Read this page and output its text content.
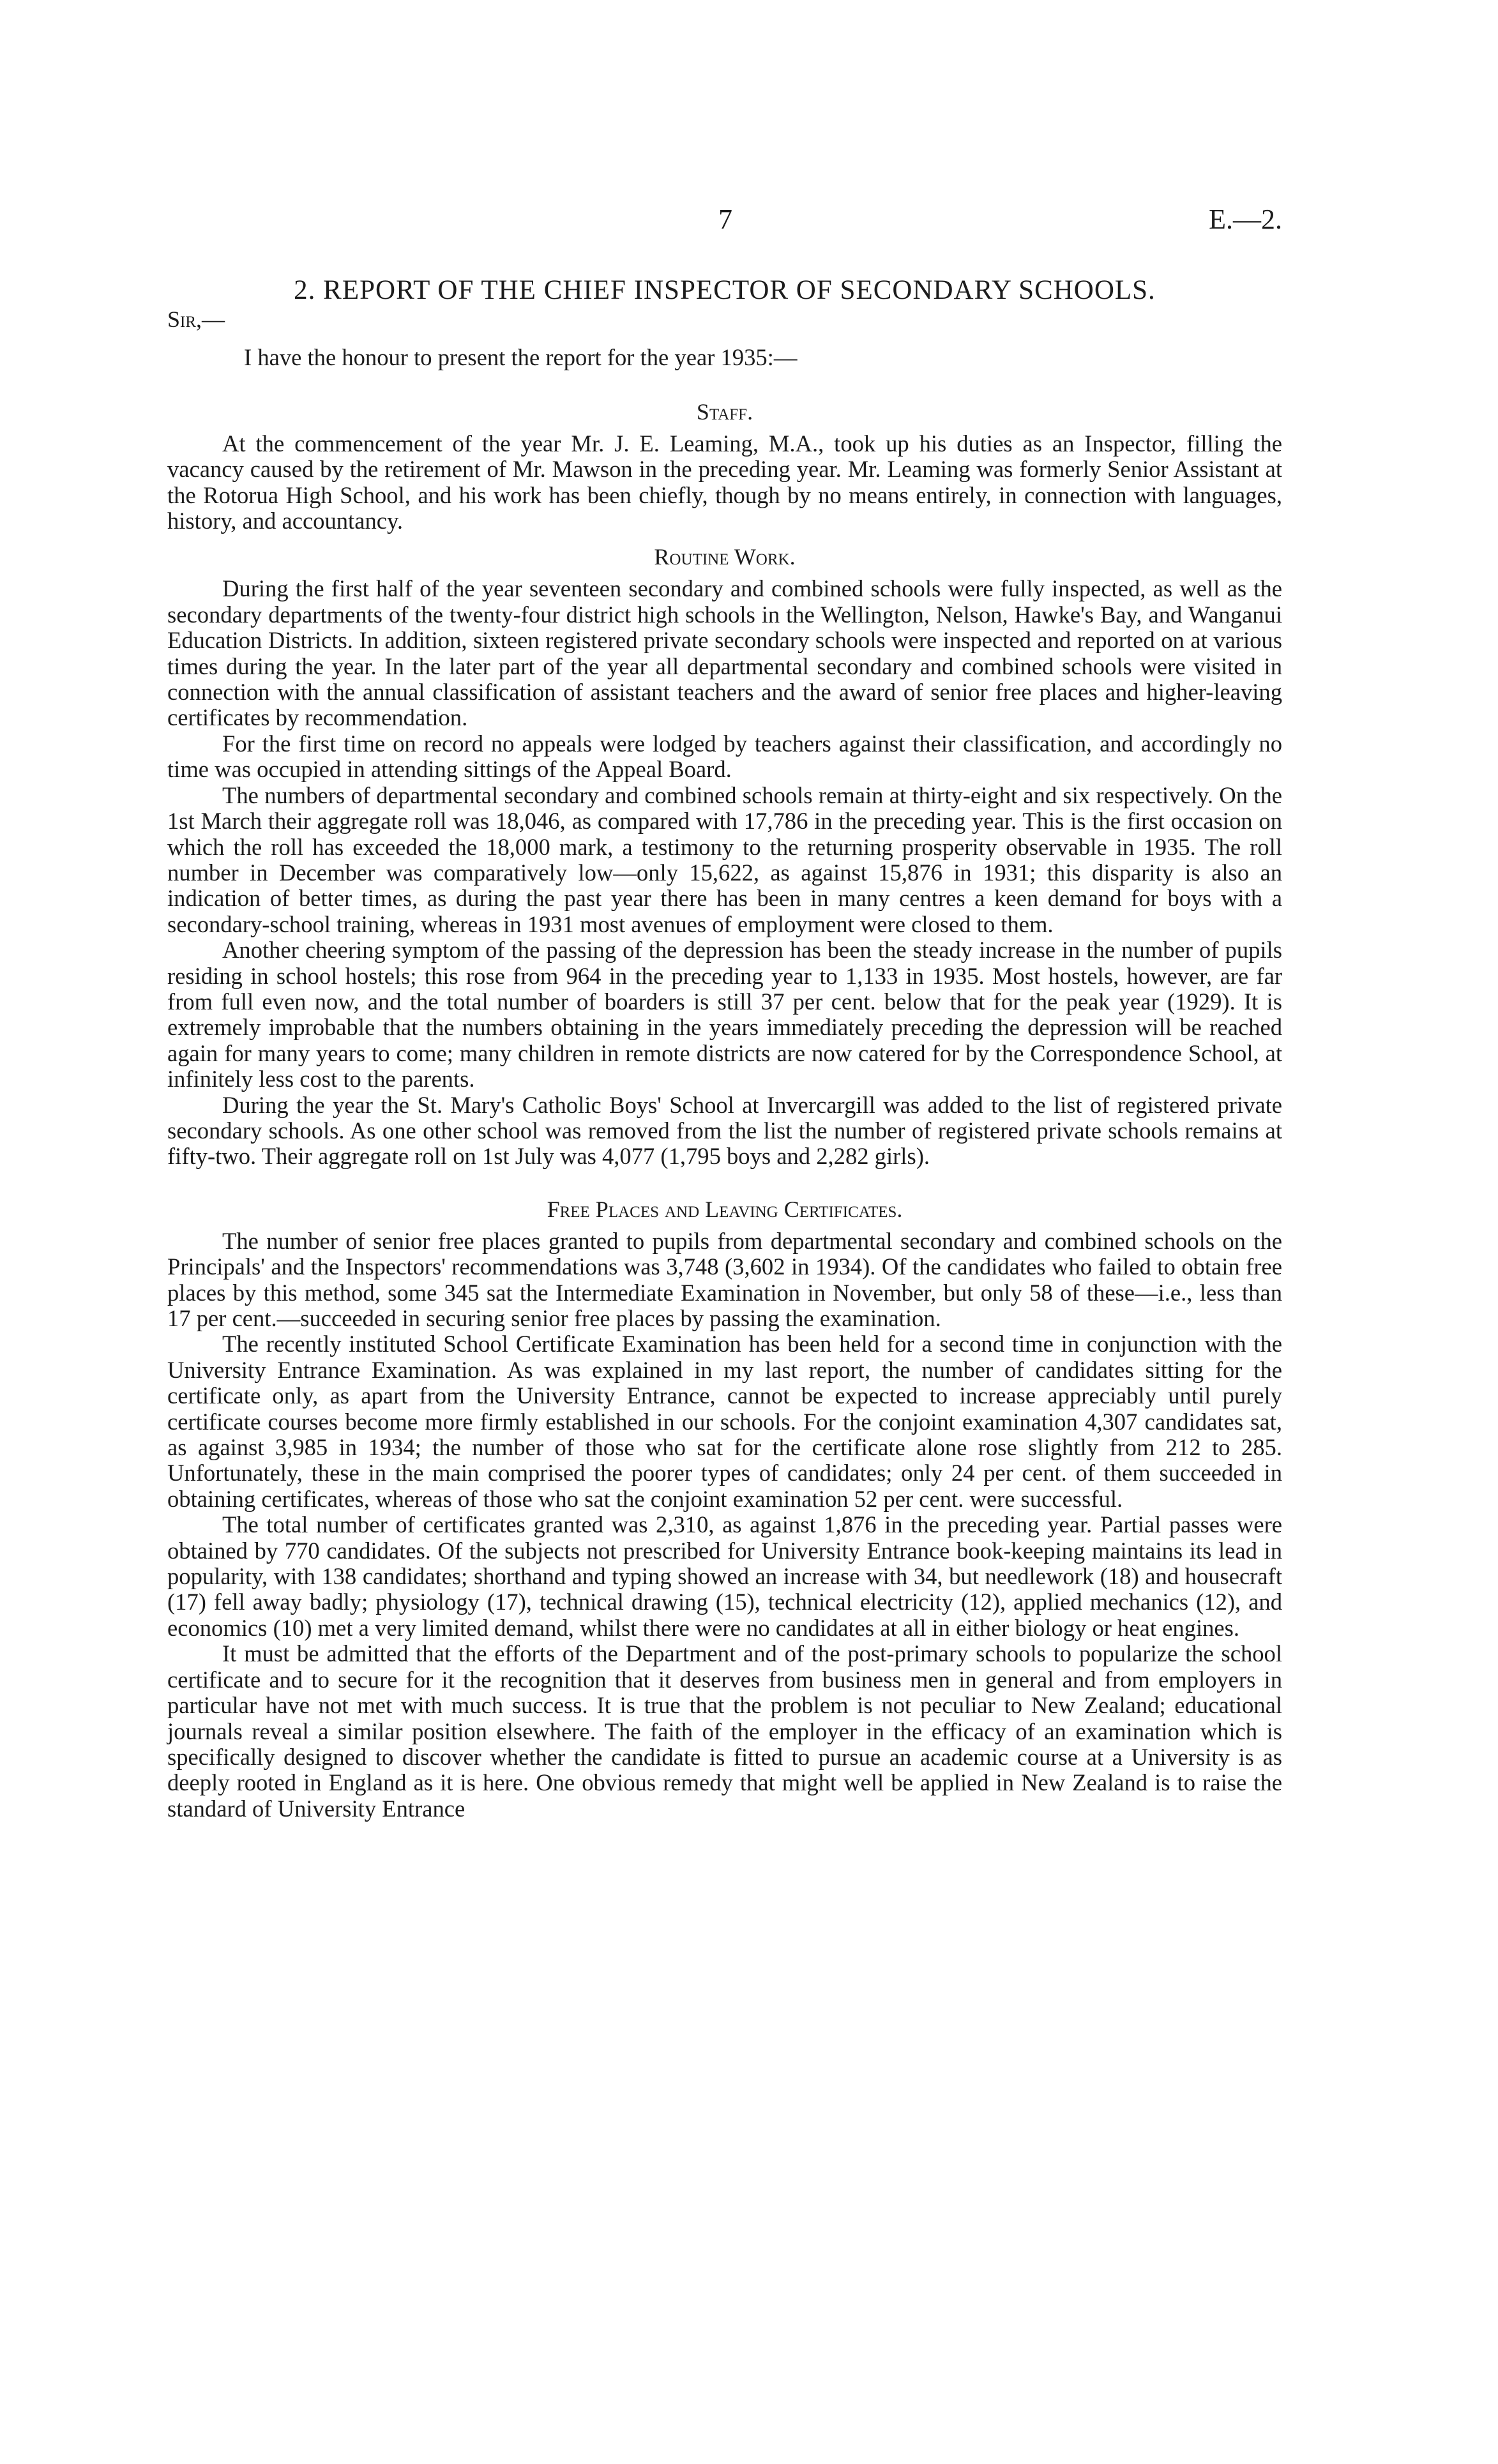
7	E.—2.
2. REPORT OF THE CHIEF INSPECTOR OF SECONDARY SCHOOLS.

Sir,—

I have the honour to present the report for the year 1935:—

Staff.

At the commencement of the year Mr. J. E. Leaming, M.A., took up his duties as an Inspector, filling the vacancy caused by the retirement of Mr. Mawson in the preceding year. Mr. Leaming was formerly Senior Assistant at the Rotorua High School, and his work has been chiefly, though by no means entirely, in connection with languages, history, and accountancy.

Routine Work.

During the first half of the year seventeen secondary and combined schools were fully inspected, as well as the secondary departments of the twenty-four district high schools in the Wellington, Nelson, Hawke's Bay, and Wanganui Education Districts. In addition, sixteen registered private secondary schools were inspected and reported on at various times during the year. In the later part of the year all departmental secondary and combined schools were visited in connection with the annual classification of assistant teachers and the award of senior free places and higher-leaving certificates by recommendation.

For the first time on record no appeals were lodged by teachers against their classification, and accordingly no time was occupied in attending sittings of the Appeal Board.

The numbers of departmental secondary and combined schools remain at thirty-eight and six respectively. On the 1st March their aggregate roll was 18,046, as compared with 17,786 in the preceding year. This is the first occasion on which the roll has exceeded the 18,000 mark, a testimony to the returning prosperity observable in 1935. The roll number in December was comparatively low—only 15,622, as against 15,876 in 1931; this disparity is also an indication of better times, as during the past year there has been in many centres a keen demand for boys with a secondary-school training, whereas in 1931 most avenues of employment were closed to them.

Another cheering symptom of the passing of the depression has been the steady increase in the number of pupils residing in school hostels; this rose from 964 in the preceding year to 1,133 in 1935. Most hostels, however, are far from full even now, and the total number of boarders is still 37 per cent. below that for the peak year (1929). It is extremely improbable that the numbers obtaining in the years immediately preceding the depression will be reached again for many years to come; many children in remote districts are now catered for by the Correspondence School, at infinitely less cost to the parents.

During the year the St. Mary's Catholic Boys' School at Invercargill was added to the list of registered private secondary schools. As one other school was removed from the list the number of registered private schools remains at fifty-two. Their aggregate roll on 1st July was 4,077 (1,795 boys and 2,282 girls).

Free Places and Leaving Certificates.

The number of senior free places granted to pupils from departmental secondary and combined schools on the Principals' and the Inspectors' recommendations was 3,748 (3,602 in 1934). Of the candidates who failed to obtain free places by this method, some 345 sat the Intermediate Examination in November, but only 58 of these—i.e., less than 17 per cent.—succeeded in securing senior free places by passing the examination.

The recently instituted School Certificate Examination has been held for a second time in conjunction with the University Entrance Examination. As was explained in my last report, the number of candidates sitting for the certificate only, as apart from the University Entrance, cannot be expected to increase appreciably until purely certificate courses become more firmly established in our schools. For the conjoint examination 4,307 candidates sat, as against 3,985 in 1934; the number of those who sat for the certificate alone rose slightly from 212 to 285. Unfortunately, these in the main comprised the poorer types of candidates; only 24 per cent. of them succeeded in obtaining certificates, whereas of those who sat the conjoint examination 52 per cent. were successful.

The total number of certificates granted was 2,310, as against 1,876 in the preceding year. Partial passes were obtained by 770 candidates. Of the subjects not prescribed for University Entrance book-keeping maintains its lead in popularity, with 138 candidates; shorthand and typing showed an increase with 34, but needlework (18) and housecraft (17) fell away badly; physiology (17), technical drawing (15), technical electricity (12), applied mechanics (12), and economics (10) met a very limited demand, whilst there were no candidates at all in either biology or heat engines.

It must be admitted that the efforts of the Department and of the post-primary schools to popularize the school certificate and to secure for it the recognition that it deserves from business men in general and from employers in particular have not met with much success. It is true that the problem is not peculiar to New Zealand; educational journals reveal a similar position elsewhere. The faith of the employer in the efficacy of an examination which is specifically designed to discover whether the candidate is fitted to pursue an academic course at a University is as deeply rooted in England as it is here. One obvious remedy that might well be applied in New Zealand is to raise the standard of University Entrance
